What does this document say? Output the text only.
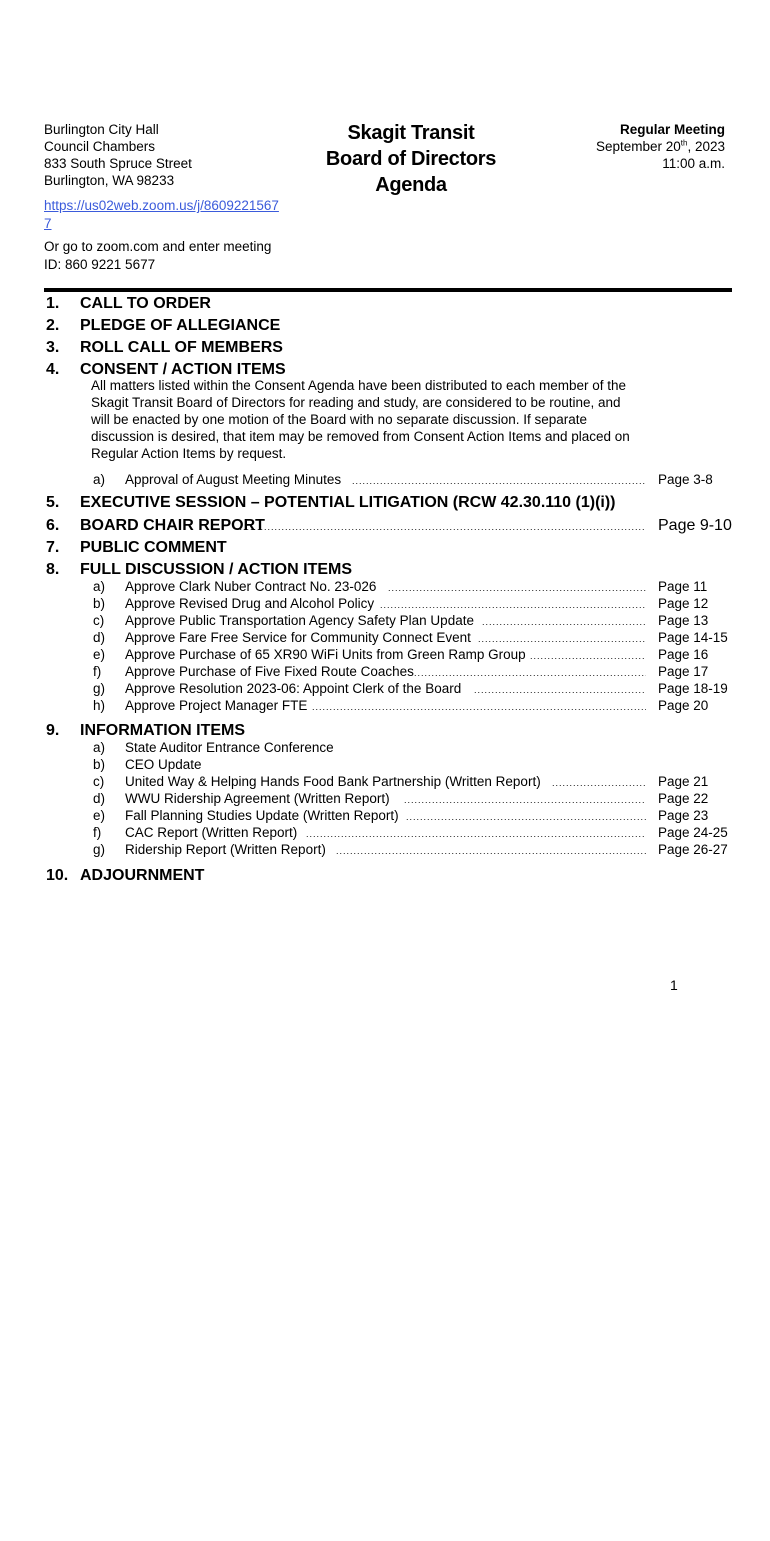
Burlington City Hall
Council Chambers
833 South Spruce Street
Burlington, WA 98233
Skagit Transit
Board of Directors
Agenda
Regular Meeting
September 20th, 2023
11:00 a.m.
https://us02web.zoom.us/j/86092215677
Or go to zoom.com and enter meeting ID: 860 9221 5677
1. CALL TO ORDER
2. PLEDGE OF ALLEGIANCE
3. ROLL CALL OF MEMBERS
4. CONSENT / ACTION ITEMS
All matters listed within the Consent Agenda have been distributed to each member of the Skagit Transit Board of Directors for reading and study, are considered to be routine, and will be enacted by one motion of the Board with no separate discussion. If separate discussion is desired, that item may be removed from Consent Action Items and placed on Regular Action Items by request.
a) Approval of August Meeting Minutes .....	Page 3-8
5. EXECUTIVE SESSION – POTENTIAL LITIGATION (RCW 42.30.110 (1)(i))
6. BOARD CHAIR REPORT .....	Page 9-10
7. PUBLIC COMMENT
8. FULL DISCUSSION / ACTION ITEMS
a) Approve Clark Nuber Contract No. 23-026 .....	Page 11
b) Approve Revised Drug and Alcohol Policy .....	Page 12
c) Approve Public Transportation Agency Safety Plan Update .....	Page 13
d) Approve Fare Free Service for Community Connect Event .....	Page 14-15
e) Approve Purchase of 65 XR90 WiFi Units from Green Ramp Group .....	Page 16
f) Approve Purchase of Five Fixed Route Coaches .....	Page 17
g) Approve Resolution 2023-06: Appoint Clerk of the Board .....	Page 18-19
h) Approve Project Manager FTE .....	Page 20
9. INFORMATION ITEMS
a) State Auditor Entrance Conference
b) CEO Update
c) United Way & Helping Hands Food Bank Partnership (Written Report) .....	Page 21
d) WWU Ridership Agreement (Written Report) .....	Page 22
e) Fall Planning Studies Update (Written Report) .....	Page 23
f) CAC Report (Written Report) .....	Page 24-25
g) Ridership Report (Written Report) .....	Page 26-27
10. ADJOURNMENT
1
